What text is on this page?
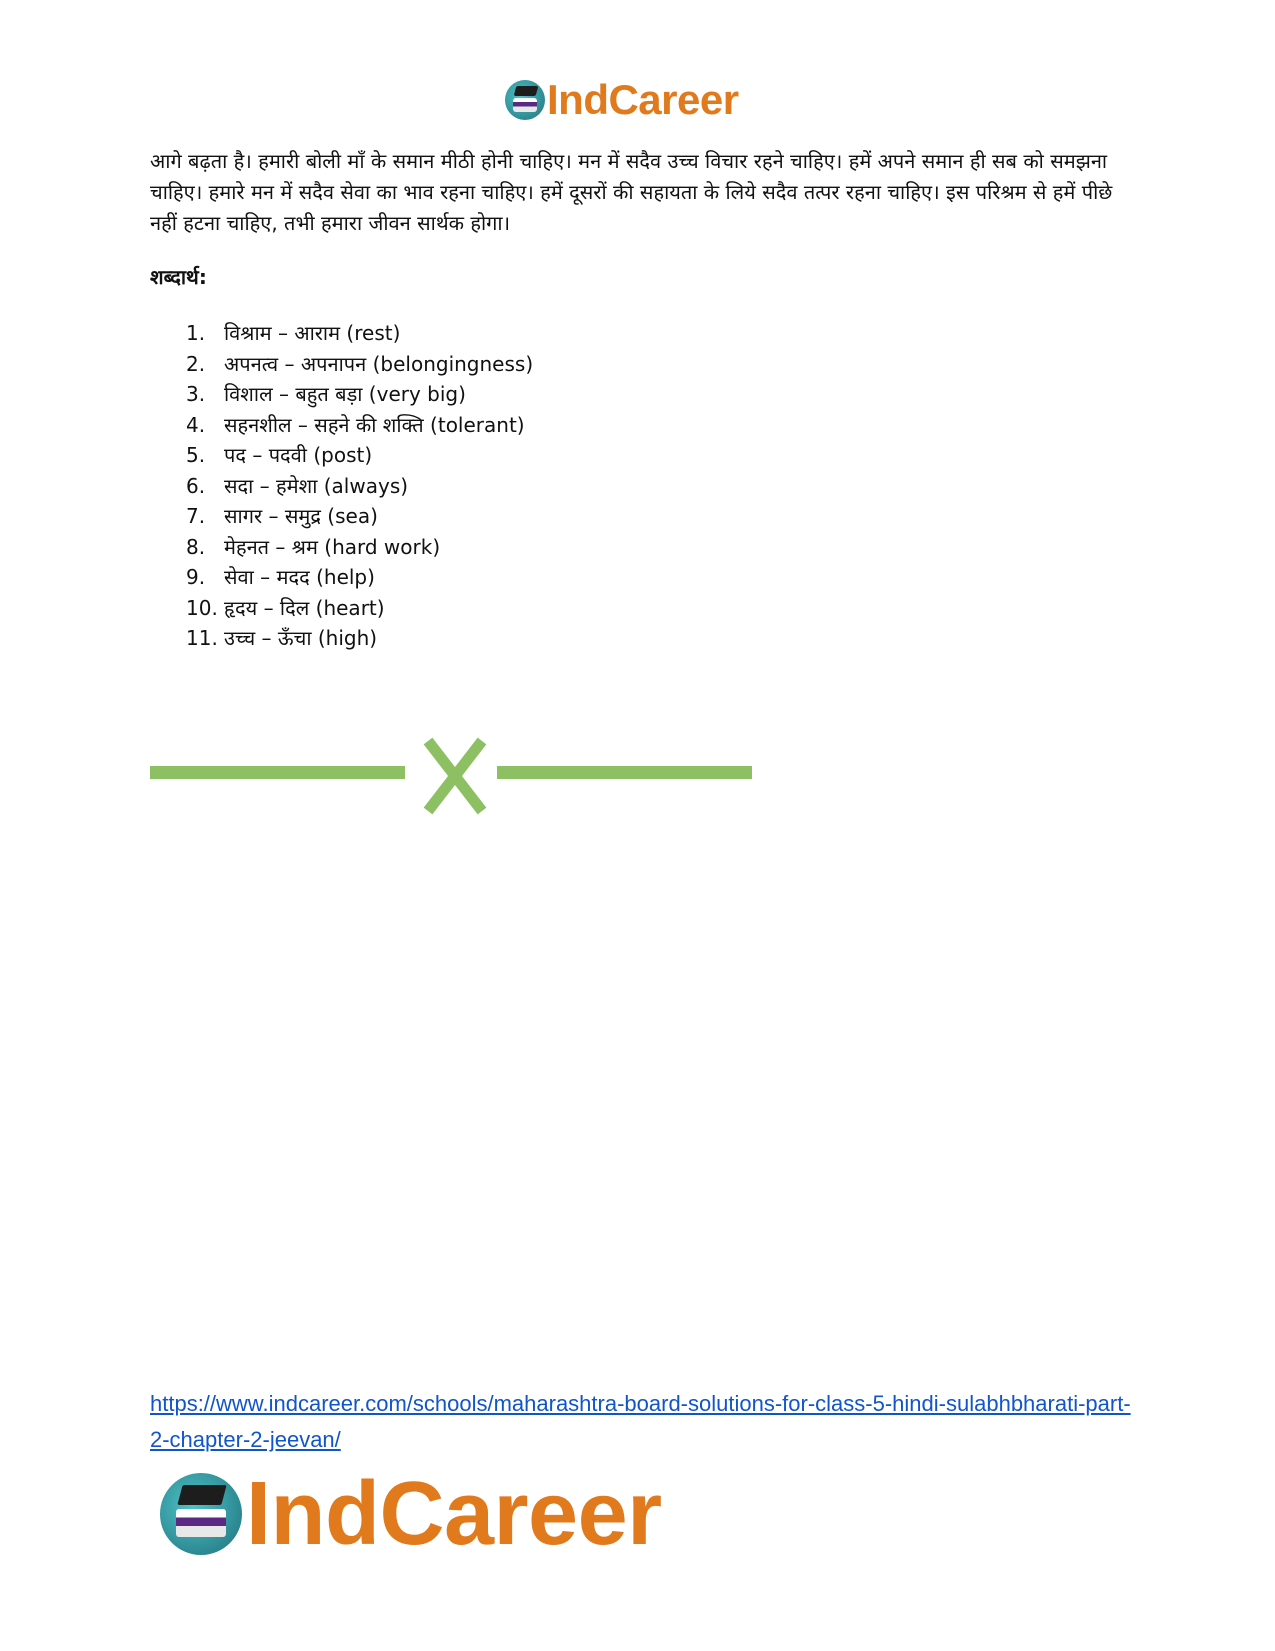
IndCareer

आगे बढ़ता है। हमारी बोली माँ के समान मीठी होनी चाहिए। मन में सदैव उच्च विचार रहने चाहिए। हमें अपने समान ही सब को समझना चाहिए। हमारे मन में सदैव सेवा का भाव रहना चाहिए। हमें दूसरों की सहायता के लिये सदैव तत्पर रहना चाहिए। इस परिश्रम से हमें पीछे नहीं हटना चाहिए, तभी हमारा जीवन सार्थक होगा।

शब्दार्थ:

1. विश्राम – आराम (rest)
2. अपनत्व – अपनापन (belongingness)
3. विशाल – बहुत बड़ा (very big)
4. सहनशील – सहने की शक्ति (tolerant)
5. पद – पदवी (post)
6. सदा – हमेशा (always)
7. सागर – समुद्र (sea)
8. मेहनत – श्रम (hard work)
9. सेवा – मदद (help)
10. हृदय – दिल (heart)
11. उच्च – ऊँचा (high)
https://www.indcareer.com/schools/maharashtra-board-solutions-for-class-5-hindi-sulabhbharati-part-2-chapter-2-jeevan/
IndCareer
